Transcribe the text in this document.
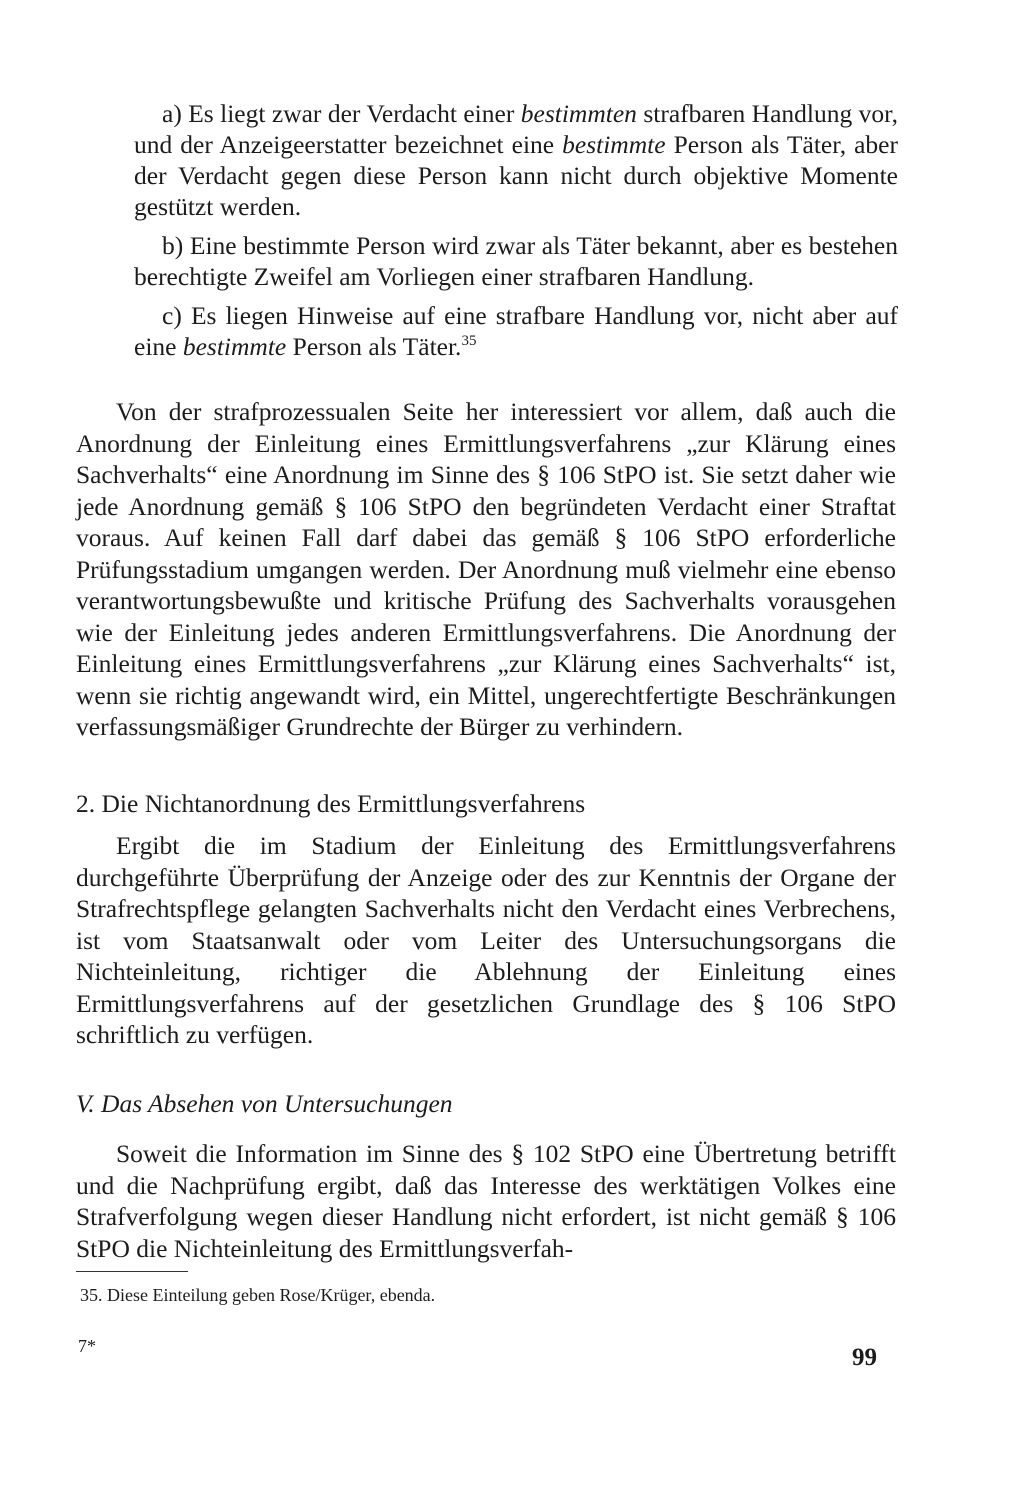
a) Es liegt zwar der Verdacht einer bestimmten strafbaren Handlung vor, und der Anzeigeerstatter bezeichnet eine bestimmte Person als Täter, aber der Verdacht gegen diese Person kann nicht durch objektive Momente gestützt werden.

b) Eine bestimmte Person wird zwar als Täter bekannt, aber es bestehen berechtigte Zweifel am Vorliegen einer strafbaren Handlung.

c) Es liegen Hinweise auf eine strafbare Handlung vor, nicht aber auf eine bestimmte Person als Täter.$^{35}$

Von der strafprozessualen Seite her interessiert vor allem, daß auch die Anordnung der Einleitung eines Ermittlungsverfahrens „zur Klärung eines Sachverhalts“ eine Anordnung im Sinne des § 106 StPO ist. Sie setzt daher wie jede Anordnung gemäß § 106 StPO den begründeten Verdacht einer Straftat voraus. Auf keinen Fall darf dabei das gemäß § 106 StPO erforderliche Prüfungsstadium umgangen werden. Der Anordnung muß vielmehr eine ebenso verantwortungsbewußte und kritische Prüfung des Sachverhalts vorausgehen wie der Einleitung jedes anderen Ermittlungsverfahrens. Die Anordnung der Einleitung eines Ermittlungsverfahrens „zur Klärung eines Sachverhalts“ ist, wenn sie richtig angewandt wird, ein Mittel, ungerechtfertigte Beschränkungen verfassungsmäßiger Grundrechte der Bürger zu verhindern.

2. Die Nichtanordnung des Ermittlungsverfahrens

Ergibt die im Stadium der Einleitung des Ermittlungsverfahrens durchgeführte Überprüfung der Anzeige oder des zur Kenntnis der Organe der Strafrechtspflege gelangten Sachverhalts nicht den Verdacht eines Verbrechens, ist vom Staatsanwalt oder vom Leiter des Untersuchungsorgans die Nichteinleitung, richtiger die Ablehnung der Einleitung eines Ermittlungsverfahrens auf der gesetzlichen Grundlage des § 106 StPO schriftlich zu verfügen.

V. Das Absehen von Untersuchungen

Soweit die Information im Sinne des § 102 StPO eine Übertretung betrifft und die Nachprüfung ergibt, daß das Interesse des werktätigen Volkes eine Strafverfolgung wegen dieser Handlung nicht erfordert, ist nicht gemäß § 106 StPO die Nichteinleitung des Ermittlungsverfah-

35. Diese Einteilung geben Rose/Krüger, ebenda.

7*	99
